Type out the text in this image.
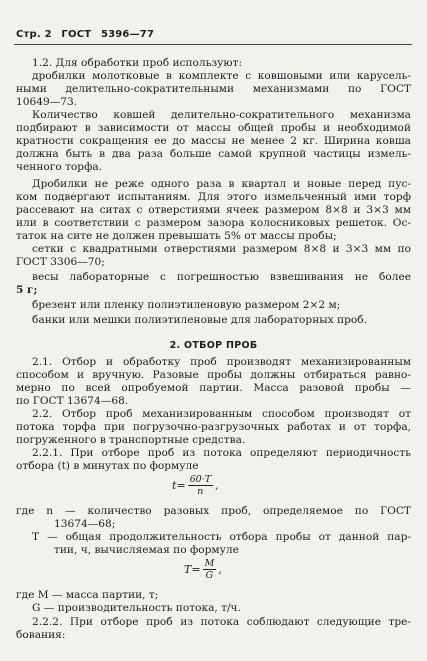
Стр. 2 ГОСТ 5396—77
1.2. Для обработки проб используют:
дробилки молотковые в комплекте с ковшовыми или карусель-
ными делительно-сократительными механизмами по ГОСТ
10649—73.
Количество ковшей делительно-сократительного механизма
подбирают в зависимости от массы общей пробы и необходимой
кратности сокращения ее до массы не менее 2 кг. Ширина ковша
должна быть в два раза больше самой крупной частицы измель-
ченного торфа.
Дробилки не реже одного раза в квартал и новые перед пус-
ком подвергают испытаниям. Для этого измельченный ими торф
рассевают на ситах с отверстиями ячеек размером 8×8 и 3×3 мм
или в соответствии с размером зазора колосниковых решеток. Ос-
таток на сите не должен превышать 5% от массы пробы;
сетки с квадратными отверстиями размером 8×8 и 3×3 мм по
ГОСТ 3306—70;
весы лабораторные с погрешностью взвешивания не более
5 г;
брезент или пленку полиэтиленовую размером 2×2 м;
банки или мешки полиэтиленовые для лабораторных проб.
2. ОТБОР ПРОБ
2.1. Отбор и обработку проб производят механизированным
способом и вручную. Разовые пробы должны отбираться равно-
мерно по всей опробуемой партии. Масса разовой пробы —
по ГОСТ 13674—68.
2.2. Отбор проб механизированным способом производят от
потока торфа при погрузочно-разгрузочных работах и от торфа,
погруженного в транспортные средства.
2.2.1. При отборе проб из потока определяют периодичность
отбора (t) в минутах по формуле
$t= \frac{60\cdot T}{n}$ ,
где n — количество разовых проб, определяемое по ГОСТ
13674—68;
T — общая продолжительность отбора пробы от данной пар-
тии, ч, вычисляемая по формуле
$T= \frac{M}{G}$ ,
где M — масса партии, т;
G — производительность потока, т/ч.
2.2.2. При отборе проб из потока соблюдают следующие тре-
бования:
